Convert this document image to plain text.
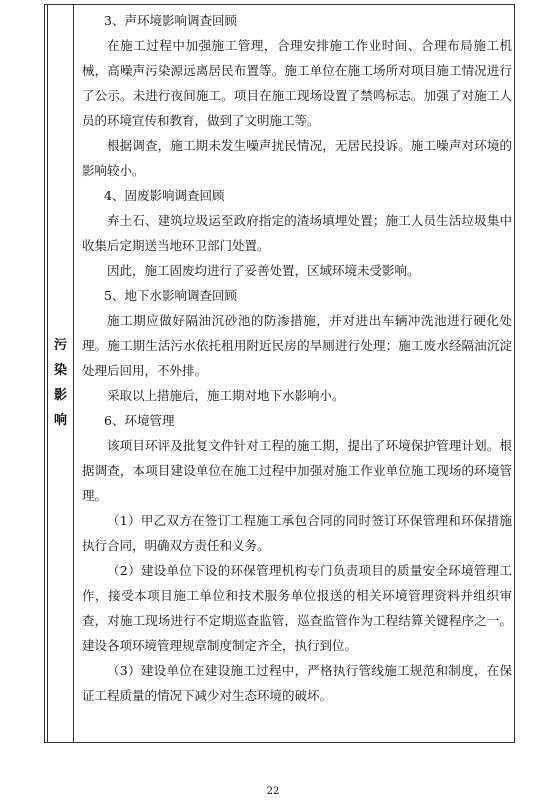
污
染
影
响

3、声环境影响调查回顾

在施工过程中加强施工管理，合理安排施工作业时间、合理布局施工机械，高噪声污染源远离居民布置等。施工单位在施工场所对项目施工情况进行了公示。未进行夜间施工。项目在施工现场设置了禁鸣标志。加强了对施工人员的环境宣传和教育，做到了文明施工等。

根据调查，施工期未发生噪声扰民情况，无居民投诉。施工噪声对环境的影响较小。

4、固废影响调查回顾

弃土石、建筑垃圾运至政府指定的渣场填埋处置；施工人员生活垃圾集中收集后定期送当地环卫部门处置。

因此，施工固废均进行了妥善处置，区域环境未受影响。

5、地下水影响调查回顾

施工期应做好隔油沉砂池的防渗措施，并对进出车辆冲洗池进行硬化处理。施工期生活污水依托租用附近民房的旱厕进行处理；施工废水经隔油沉淀处理后回用，不外排。

采取以上措施后，施工期对地下水影响小。

6、环境管理

该项目环评及批复文件针对工程的施工期，提出了环境保护管理计划。根据调查，本项目建设单位在施工过程中加强对施工作业单位施工现场的环境管理。

（1）甲乙双方在签订工程施工承包合同的同时签订环保管理和环保措施执行合同，明确双方责任和义务。

（2）建设单位下设的环保管理机构专门负责项目的质量安全环境管理工作，接受本项目施工单位和技术服务单位报送的相关环境管理资料并组织审查，对施工现场进行不定期巡查监管，巡查监管作为工程结算关键程序之一。建设各项环境管理规章制度制定齐全，执行到位。

（3）建设单位在建设施工过程中，严格执行管线施工规范和制度，在保证工程质量的情况下减少对生态环境的破坏。

22
